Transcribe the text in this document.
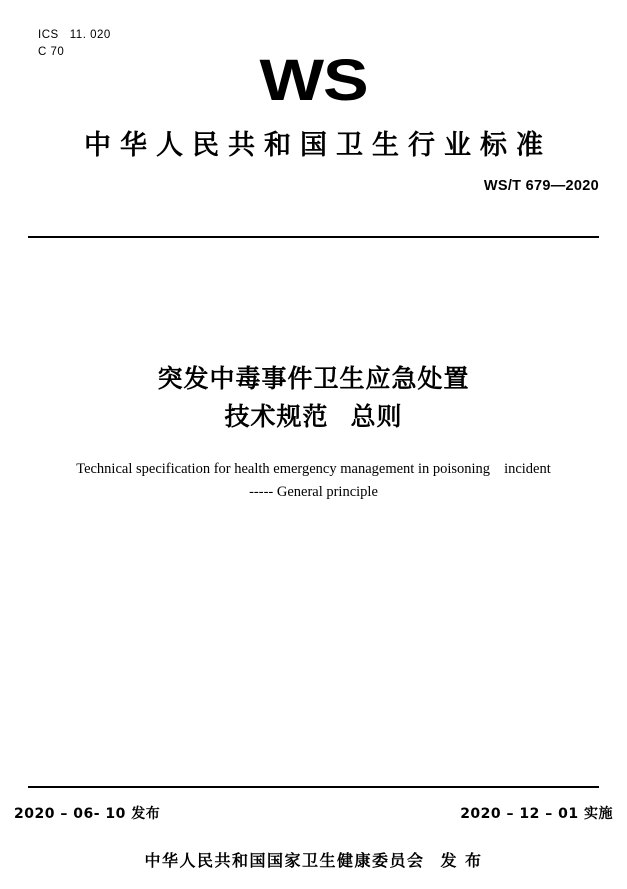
ICS 11. 020
C 70	WS
中华人民共和国卫生行业标准
WS/T 679—2020
突发中毒事件卫生应急处置
技术规范 总则
Technical specification for health emergency management in poisoning incident
----- General principle
2020 – 06- 10 发布	2020 – 12 – 01 实施
中华人民共和国国家卫生健康委员会 发 布
